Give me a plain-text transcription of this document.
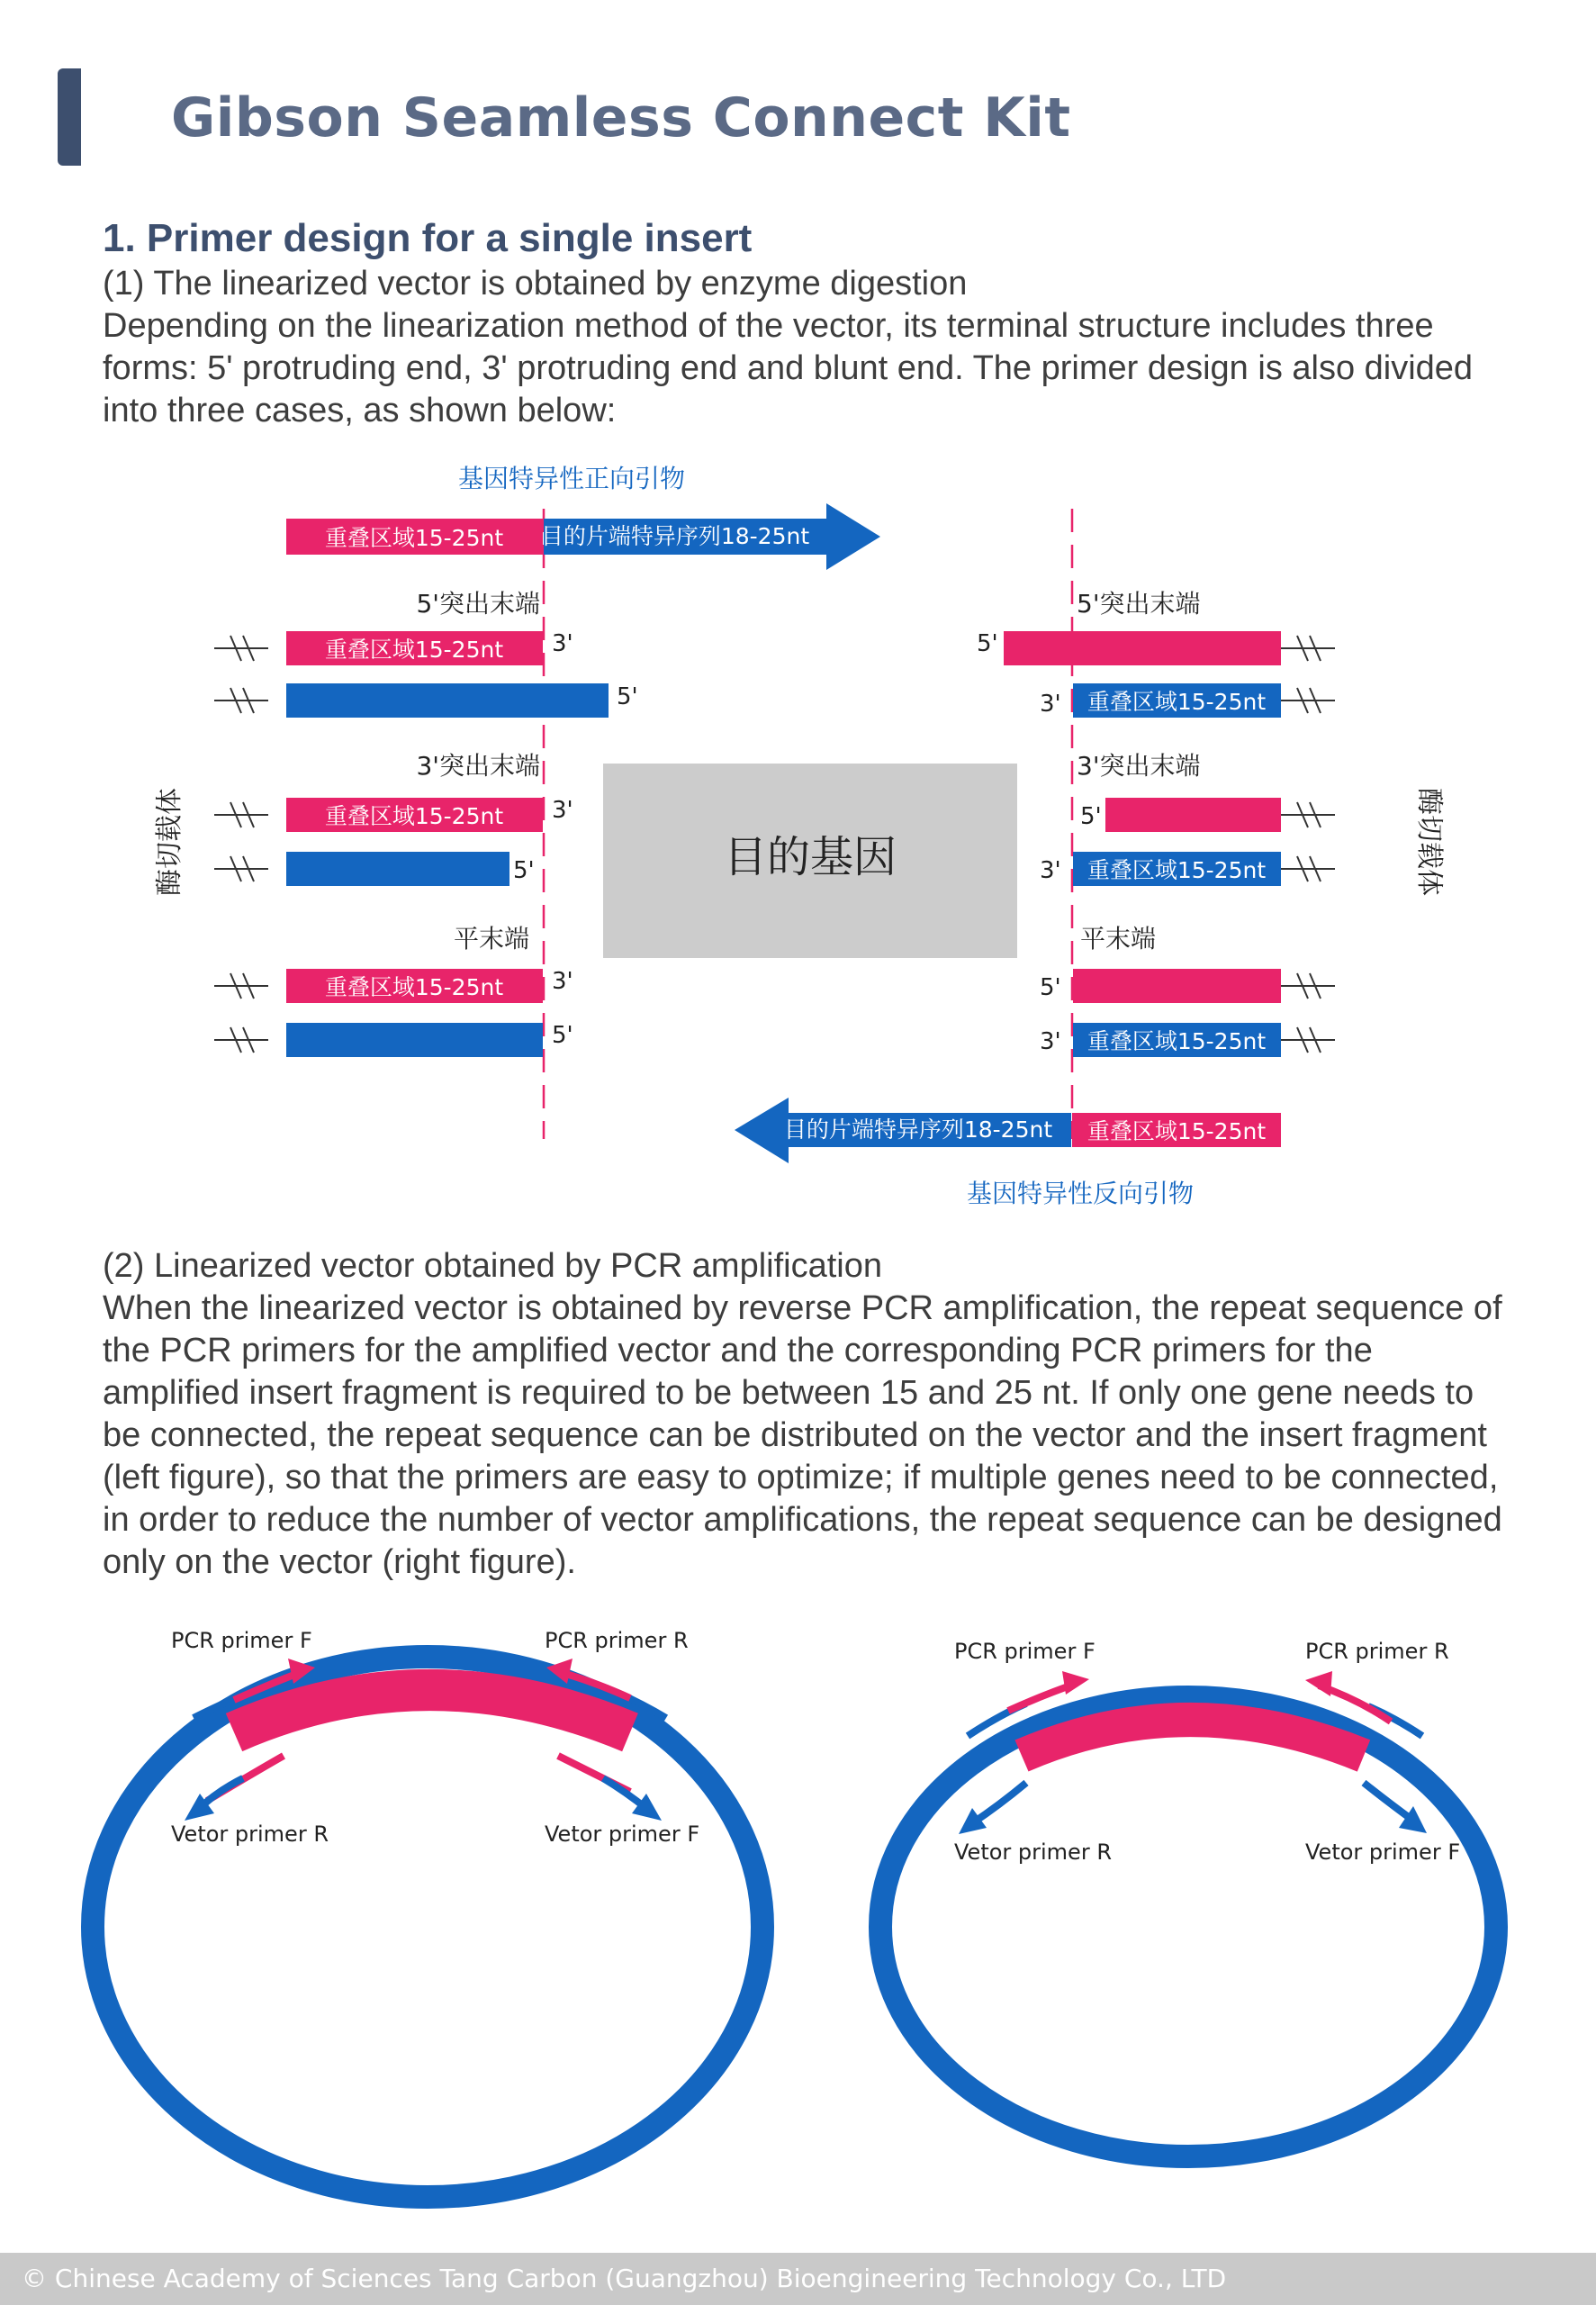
Gibson Seamless Connect Kit
1. Primer design for a single insert
(1) The linearized vector is obtained by enzyme digestion
Depending on the linearization method of the vector, its terminal structure includes three forms: 5' protruding end, 3' protruding end and blunt end. The primer design is also divided into three cases, as shown below:
基因特异性正向引物
重叠区域15-25nt 目的片端特异序列18-25nt
5'突出末端
重叠区域15-25nt 3'
5'
3'突出末端
重叠区域15-25nt 3'
5'
平末端
重叠区域15-25nt 3'
5'
目的基因
酶切载体	酶切载体
5'突出末端
5'
3' 重叠区域15-25nt
3'突出末端
5'
3' 重叠区域15-25nt
平末端
5'
3' 重叠区域15-25nt
重叠区域15-25nt
目的片端特异序列18-25nt
基因特异性反向引物
(2) Linearized vector obtained by PCR amplification
When the linearized vector is obtained by reverse PCR amplification, the repeat sequence of the PCR primers for the amplified vector and the corresponding PCR primers for the amplified insert fragment is required to be between 15 and 25 nt. If only one gene needs to be connected, the repeat sequence can be distributed on the vector and the insert fragment (left figure), so that the primers are easy to optimize; if multiple genes need to be connected, in order to reduce the number of vector amplifications, the repeat sequence can be designed only on the vector (right figure).
PCR primer F	PCR primer R
Vetor primer R	Vetor primer F
PCR primer F	PCR primer R
Vetor primer R	Vetor primer F
© Chinese Academy of Sciences Tang Carbon (Guangzhou) Bioengineering Technology Co., LTD
